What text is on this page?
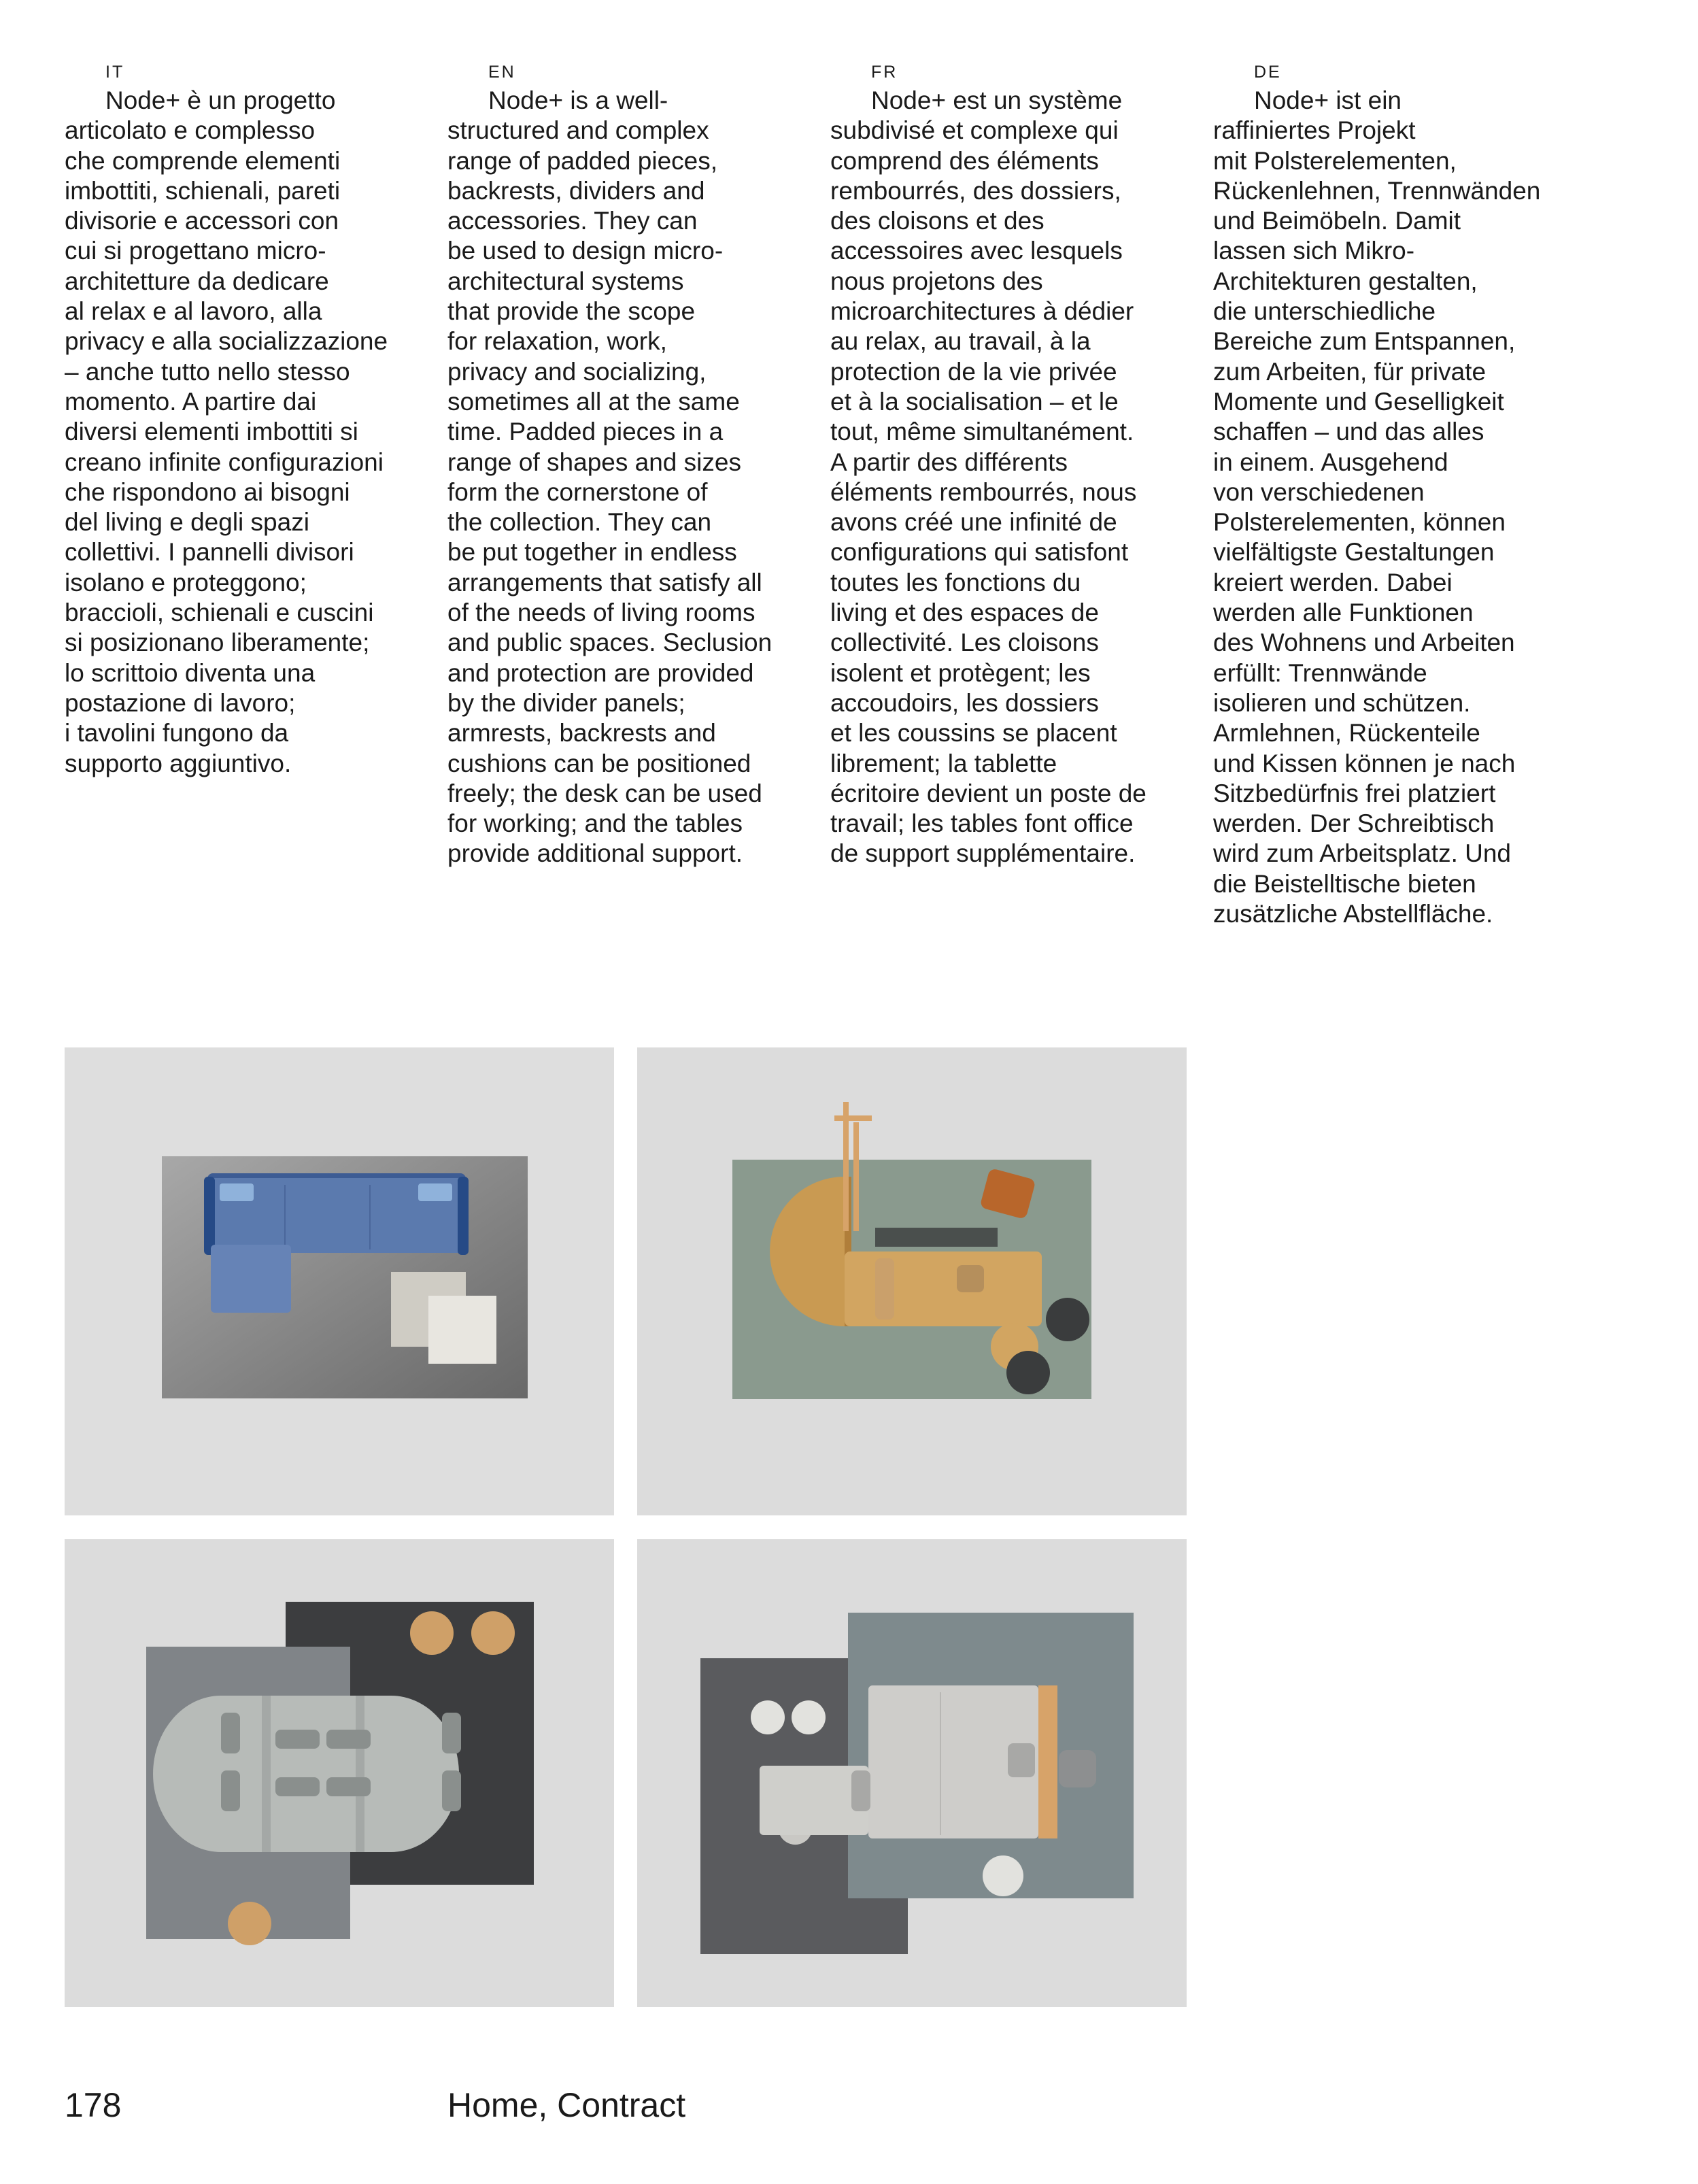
IT
Node+ è un progetto
articolato e complesso
che comprende elementi
imbottiti, schienali, pareti
divisorie e accessori con
cui si progettano micro-
architetture da dedicare
al relax e al lavoro, alla
privacy e alla socializzazione
– anche tutto nello stesso
momento. A partire dai
diversi elementi imbottiti si
creano infinite configurazioni
che rispondono ai bisogni
del living e degli spazi
collettivi. I pannelli divisori
isolano e proteggono;
braccioli, schienali e cuscini
si posizionano liberamente;
lo scrittoio diventa una
postazione di lavoro;
i tavolini fungono da
supporto aggiuntivo.
EN
Node+ is a well-
structured and complex
range of padded pieces,
backrests, dividers and
accessories. They can
be used to design micro-
architectural systems
that provide the scope
for relaxation, work,
privacy and socializing,
sometimes all at the same
time. Padded pieces in a
range of shapes and sizes
form the cornerstone of
the collection. They can
be put together in endless
arrangements that satisfy all
of the needs of living rooms
and public spaces. Seclusion
and protection are provided
by the divider panels;
armrests, backrests and
cushions can be positioned
freely; the desk can be used
for working; and the tables
provide additional support.
FR
Node+ est un système
subdivisé et complexe qui
comprend des éléments
rembourrés, des dossiers,
des cloisons et des
accessoires avec lesquels
nous projetons des
microarchitectures à dédier
au relax, au travail, à la
protection de la vie privée
et à la socialisation – et le
tout, même simultanément.
A partir des différents
éléments rembourrés, nous
avons créé une infinité de
configurations qui satisfont
toutes les fonctions du
living et des espaces de
collectivité. Les cloisons
isolent et protègent; les
accoudoirs, les dossiers
et les coussins se placent
librement; la tablette
écritoire devient un poste de
travail; les tables font office
de support supplémentaire.
DE
Node+ ist ein
raffiniertes Projekt
mit Polsterelementen,
Rückenlehnen, Trennwänden
und Beimöbeln. Damit
lassen sich Mikro-
Architekturen gestalten,
die unterschiedliche
Bereiche zum Entspannen,
zum Arbeiten, für private
Momente und Geselligkeit
schaffen – und das alles
in einem. Ausgehend
von verschiedenen
Polsterelementen, können
vielfältigste Gestaltungen
kreiert werden. Dabei
werden alle Funktionen
des Wohnens und Arbeiten
erfüllt: Trennwände
isolieren und schützen.
Armlehnen, Rückenteile
und Kissen können je nach
Sitzbedürfnis frei platziert
werden. Der Schreibtisch
wird zum Arbeitsplatz. Und
die Beistelltische bieten
zusätzliche Abstellfläche.
178	Home, Contract
